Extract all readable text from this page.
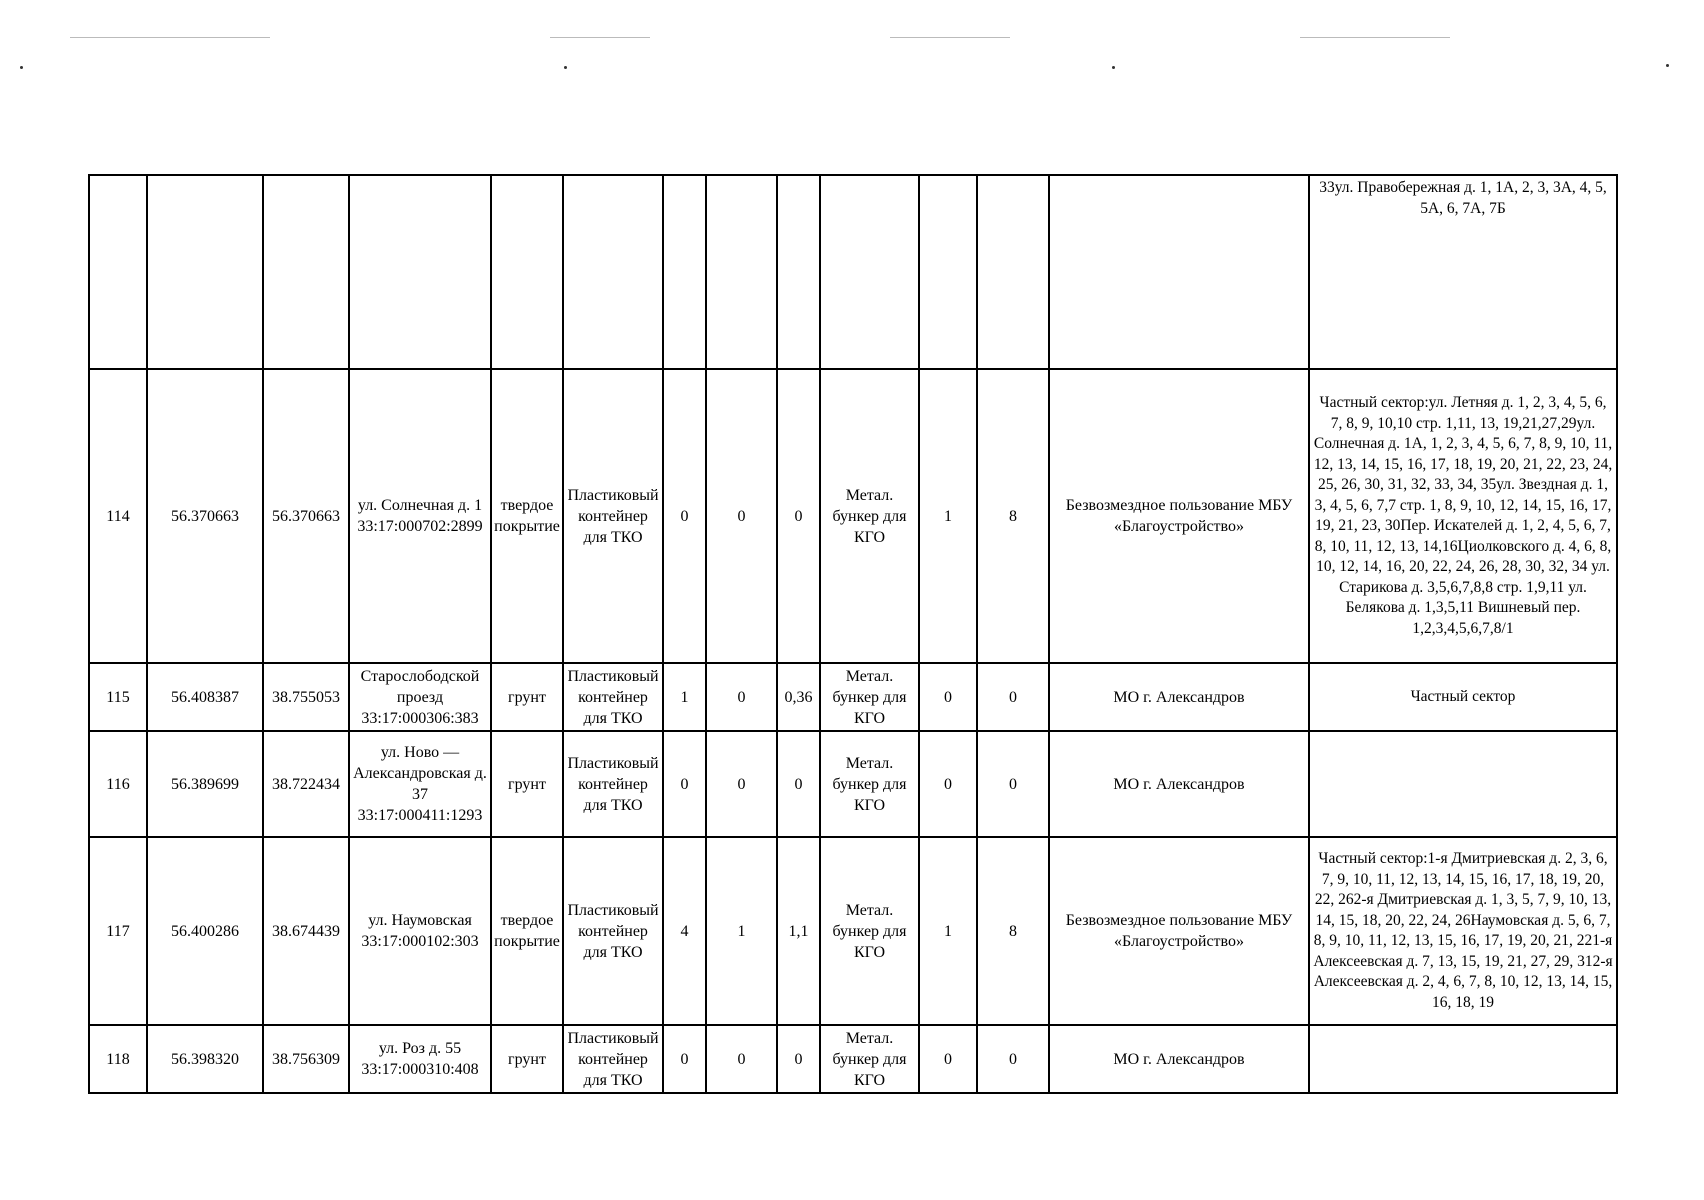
													33ул. Правобережная д. 1, 1А, 2, 3, 3А, 4, 5, 5А, 6, 7А, 7Б
114	56.370663	56.370663	ул. Солнечная д. 1 33:17:000702:2899	твердое покрытие	Пластиковый контейнер для ТКО	0	0	0	Метал. бункер для КГО	1	8	Безвозмездное пользование МБУ «Благоустройство»	Частный сектор:ул. Летняя д. 1, 2, 3, 4, 5, 6, 7, 8, 9, 10,10 стр. 1,11, 13, 19,21,27,29ул. Солнечная д. 1А, 1, 2, 3, 4, 5, 6, 7, 8, 9, 10, 11, 12, 13, 14, 15, 16, 17, 18, 19, 20, 21, 22, 23, 24, 25, 26, 30, 31, 32, 33, 34, 35ул. Звездная д. 1, 3, 4, 5, 6, 7,7 стр. 1, 8, 9, 10, 12, 14, 15, 16, 17, 19, 21, 23, 30Пер. Искателей д. 1, 2, 4, 5, 6, 7, 8, 10, 11, 12, 13, 14,16Циолковского д. 4, 6, 8, 10, 12, 14, 16, 20, 22, 24, 26, 28, 30, 32, 34 ул. Старикова д. 3,5,6,7,8,8 стр. 1,9,11 ул. Белякова д. 1,3,5,11 Вишневый пер. 1,2,3,4,5,6,7,8/1
115	56.408387	38.755053	Старослободской проезд 33:17:000306:383	грунт	Пластиковый контейнер для ТКО	1	0	0,36	Метал. бункер для КГО	0	0	МО г. Александров	Частный сектор
116	56.389699	38.722434	ул. Ново — Александровская д. 37 33:17:000411:1293	грунт	Пластиковый контейнер для ТКО	0	0	0	Метал. бункер для КГО	0	0	МО г. Александров	
117	56.400286	38.674439	ул. Наумовская 33:17:000102:303	твердое покрытие	Пластиковый контейнер для ТКО	4	1	1,1	Метал. бункер для КГО	1	8	Безвозмездное пользование МБУ «Благоустройство»	Частный сектор:1-я Дмитриевская д. 2, 3, 6, 7, 9, 10, 11, 12, 13, 14, 15, 16, 17, 18, 19, 20, 22, 262-я Дмитриевская д. 1, 3, 5, 7, 9, 10, 13, 14, 15, 18, 20, 22, 24, 26Наумовская д. 5, 6, 7, 8, 9, 10, 11, 12, 13, 15, 16, 17, 19, 20, 21, 221-я Алексеевская д. 7, 13, 15, 19, 21, 27, 29, 312-я Алексеевская д. 2, 4, 6, 7, 8, 10, 12, 13, 14, 15, 16, 18, 19
118	56.398320	38.756309	ул. Роз д. 55 33:17:000310:408	грунт	Пластиковый контейнер для ТКО	0	0	0	Метал. бункер для КГО	0	0	МО г. Александров	
